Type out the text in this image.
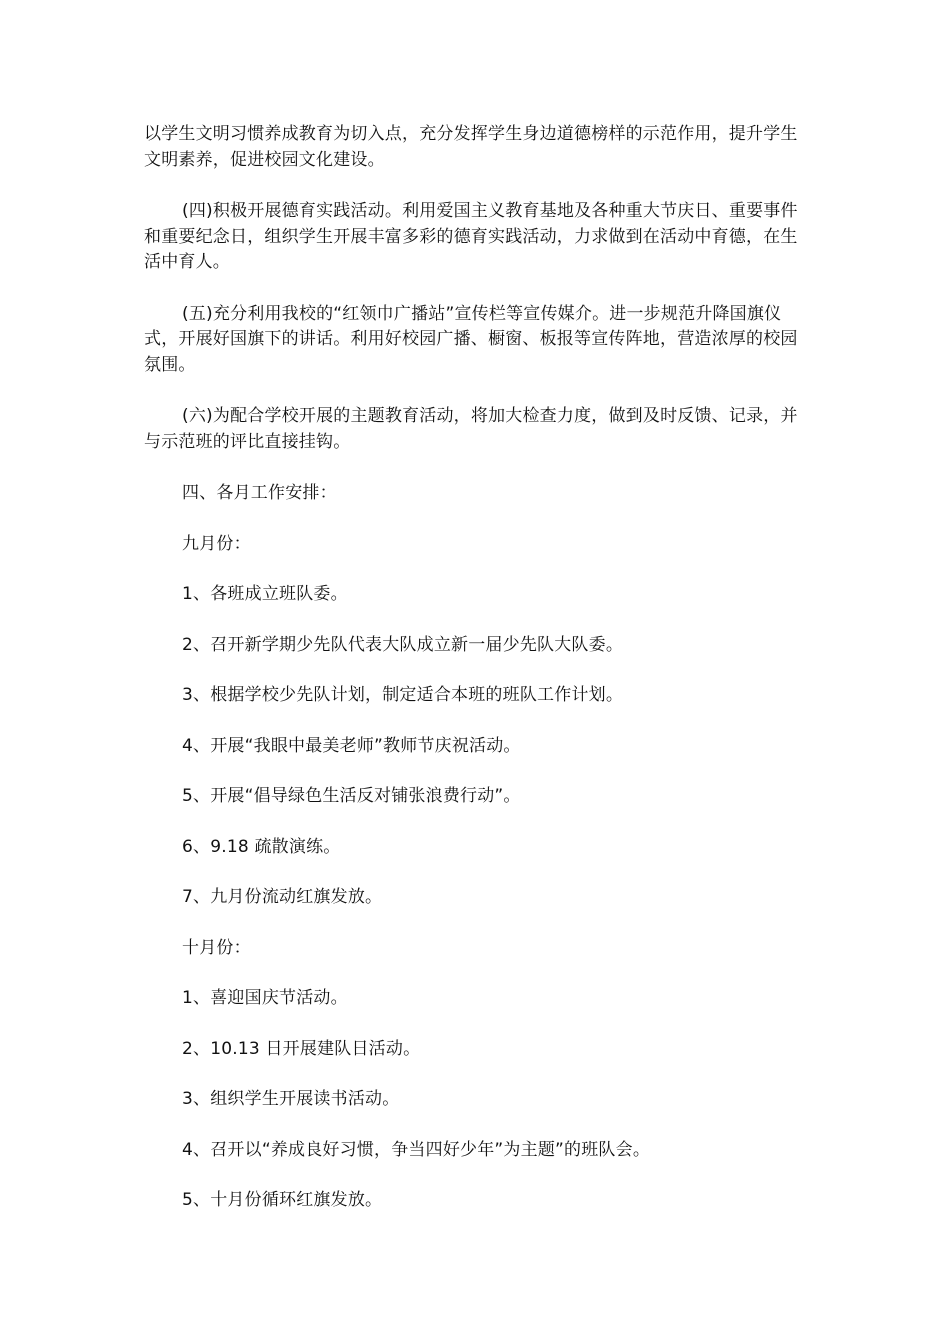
以学生文明习惯养成教育为切入点，充分发挥学生身边道德榜样的示范作用，提升学生文明素养，促进校园文化建设。

(四)积极开展德育实践活动。利用爱国主义教育基地及各种重大节庆日、重要事件和重要纪念日，组织学生开展丰富多彩的德育实践活动，力求做到在活动中育德，在生活中育人。

(五)充分利用我校的“红领巾广播站”宣传栏等宣传媒介。进一步规范升降国旗仪式，开展好国旗下的讲话。利用好校园广播、橱窗、板报等宣传阵地，营造浓厚的校园氛围。

(六)为配合学校开展的主题教育活动，将加大检查力度，做到及时反馈、记录，并与示范班的评比直接挂钩。

四、各月工作安排：

九月份：

1、各班成立班队委。

2、召开新学期少先队代表大队成立新一届少先队大队委。

3、根据学校少先队计划，制定适合本班的班队工作计划。

4、开展“我眼中最美老师”教师节庆祝活动。

5、开展“倡导绿色生活反对铺张浪费行动”。

6、9.18 疏散演练。

7、九月份流动红旗发放。

十月份：

1、喜迎国庆节活动。

2、10.13 日开展建队日活动。

3、组织学生开展读书活动。

4、召开以“养成良好习惯，争当四好少年”为主题”的班队会。

5、十月份循环红旗发放。
